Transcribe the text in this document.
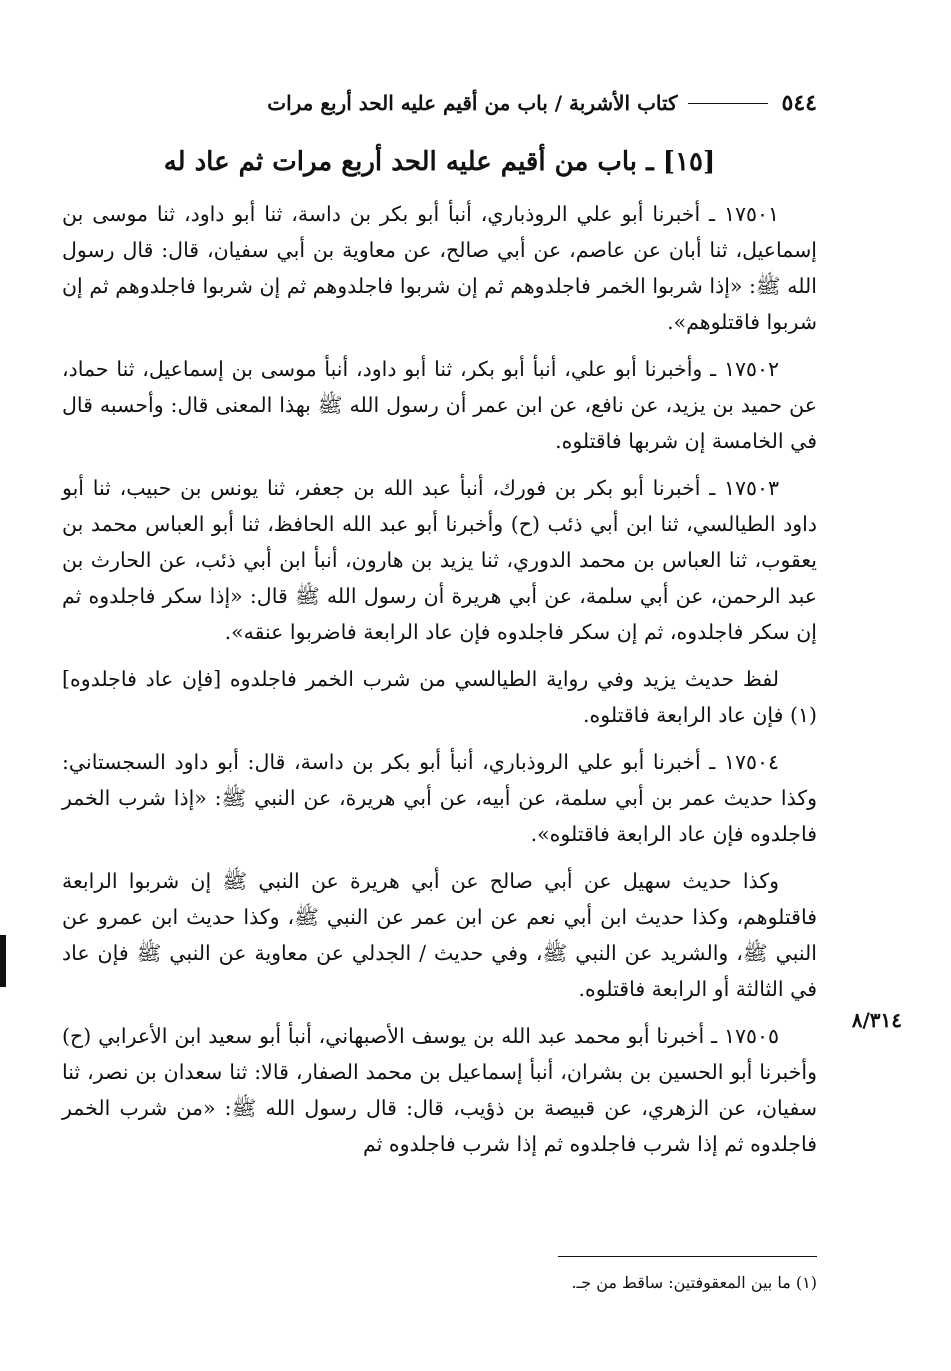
٥٤٤
كتاب الأشربة / باب من أقيم عليه الحد أربع مرات
[١٥] ـ باب من أقيم عليه الحد أربع مرات ثم عاد له

١٧٥٠١ ـ أخبرنا أبو علي الروذباري، أنبأ أبو بكر بن داسة، ثنا أبو داود، ثنا موسى بن إسماعيل، ثنا أبان عن عاصم، عن أبي صالح، عن معاوية بن أبي سفيان، قال: قال رسول الله ﷺ: «إذا شربوا الخمر فاجلدوهم ثم إن شربوا فاجلدوهم ثم إن شربوا فاجلدوهم ثم إن شربوا فاقتلوهم».

١٧٥٠٢ ـ وأخبرنا أبو علي، أنبأ أبو بكر، ثنا أبو داود، أنبأ موسى بن إسماعيل، ثنا حماد، عن حميد بن يزيد، عن نافع، عن ابن عمر أن رسول الله ﷺ بهذا المعنى قال: وأحسبه قال في الخامسة إن شربها فاقتلوه.

١٧٥٠٣ ـ أخبرنا أبو بكر بن فورك، أنبأ عبد الله بن جعفر، ثنا يونس بن حبيب، ثنا أبو داود الطيالسي، ثنا ابن أبي ذئب (ح) وأخبرنا أبو عبد الله الحافظ، ثنا أبو العباس محمد بن يعقوب، ثنا العباس بن محمد الدوري، ثنا يزيد بن هارون، أنبأ ابن أبي ذئب، عن الحارث بن عبد الرحمن، عن أبي سلمة، عن أبي هريرة أن رسول الله ﷺ قال: «إذا سكر فاجلدوه ثم إن سكر فاجلدوه، ثم إن سكر فاجلدوه فإن عاد الرابعة فاضربوا عنقه».

لفظ حديث يزيد وفي رواية الطيالسي من شرب الخمر فاجلدوه [فإن عاد فاجلدوه](١) فإن عاد الرابعة فاقتلوه.

١٧٥٠٤ ـ أخبرنا أبو علي الروذباري، أنبأ أبو بكر بن داسة، قال: أبو داود السجستاني: وكذا حديث عمر بن أبي سلمة، عن أبيه، عن أبي هريرة، عن النبي ﷺ: «إذا شرب الخمر فاجلدوه فإن عاد الرابعة فاقتلوه».

وكذا حديث سهيل عن أبي صالح عن أبي هريرة عن النبي ﷺ إن شربوا الرابعة فاقتلوهم، وكذا حديث ابن أبي نعم عن ابن عمر عن النبي ﷺ، وكذا حديث ابن عمرو عن النبي ﷺ، والشريد عن النبي ﷺ، وفي حديث / الجدلي عن معاوية عن النبي ﷺ فإن عاد في الثالثة أو الرابعة فاقتلوه.

١٧٥٠٥ ـ أخبرنا أبو محمد عبد الله بن يوسف الأصبهاني، أنبأ أبو سعيد ابن الأعرابي (ح) وأخبرنا أبو الحسين بن بشران، أنبأ إسماعيل بن محمد الصفار، قالا: ثنا سعدان بن نصر، ثنا سفيان، عن الزهري، عن قبيصة بن ذؤيب، قال: قال رسول الله ﷺ: «من شرب الخمر فاجلدوه ثم إذا شرب فاجلدوه ثم إذا شرب فاجلدوه ثم

٨/٣١٤
(١) ما بين المعقوفتين: ساقط من جـ.
